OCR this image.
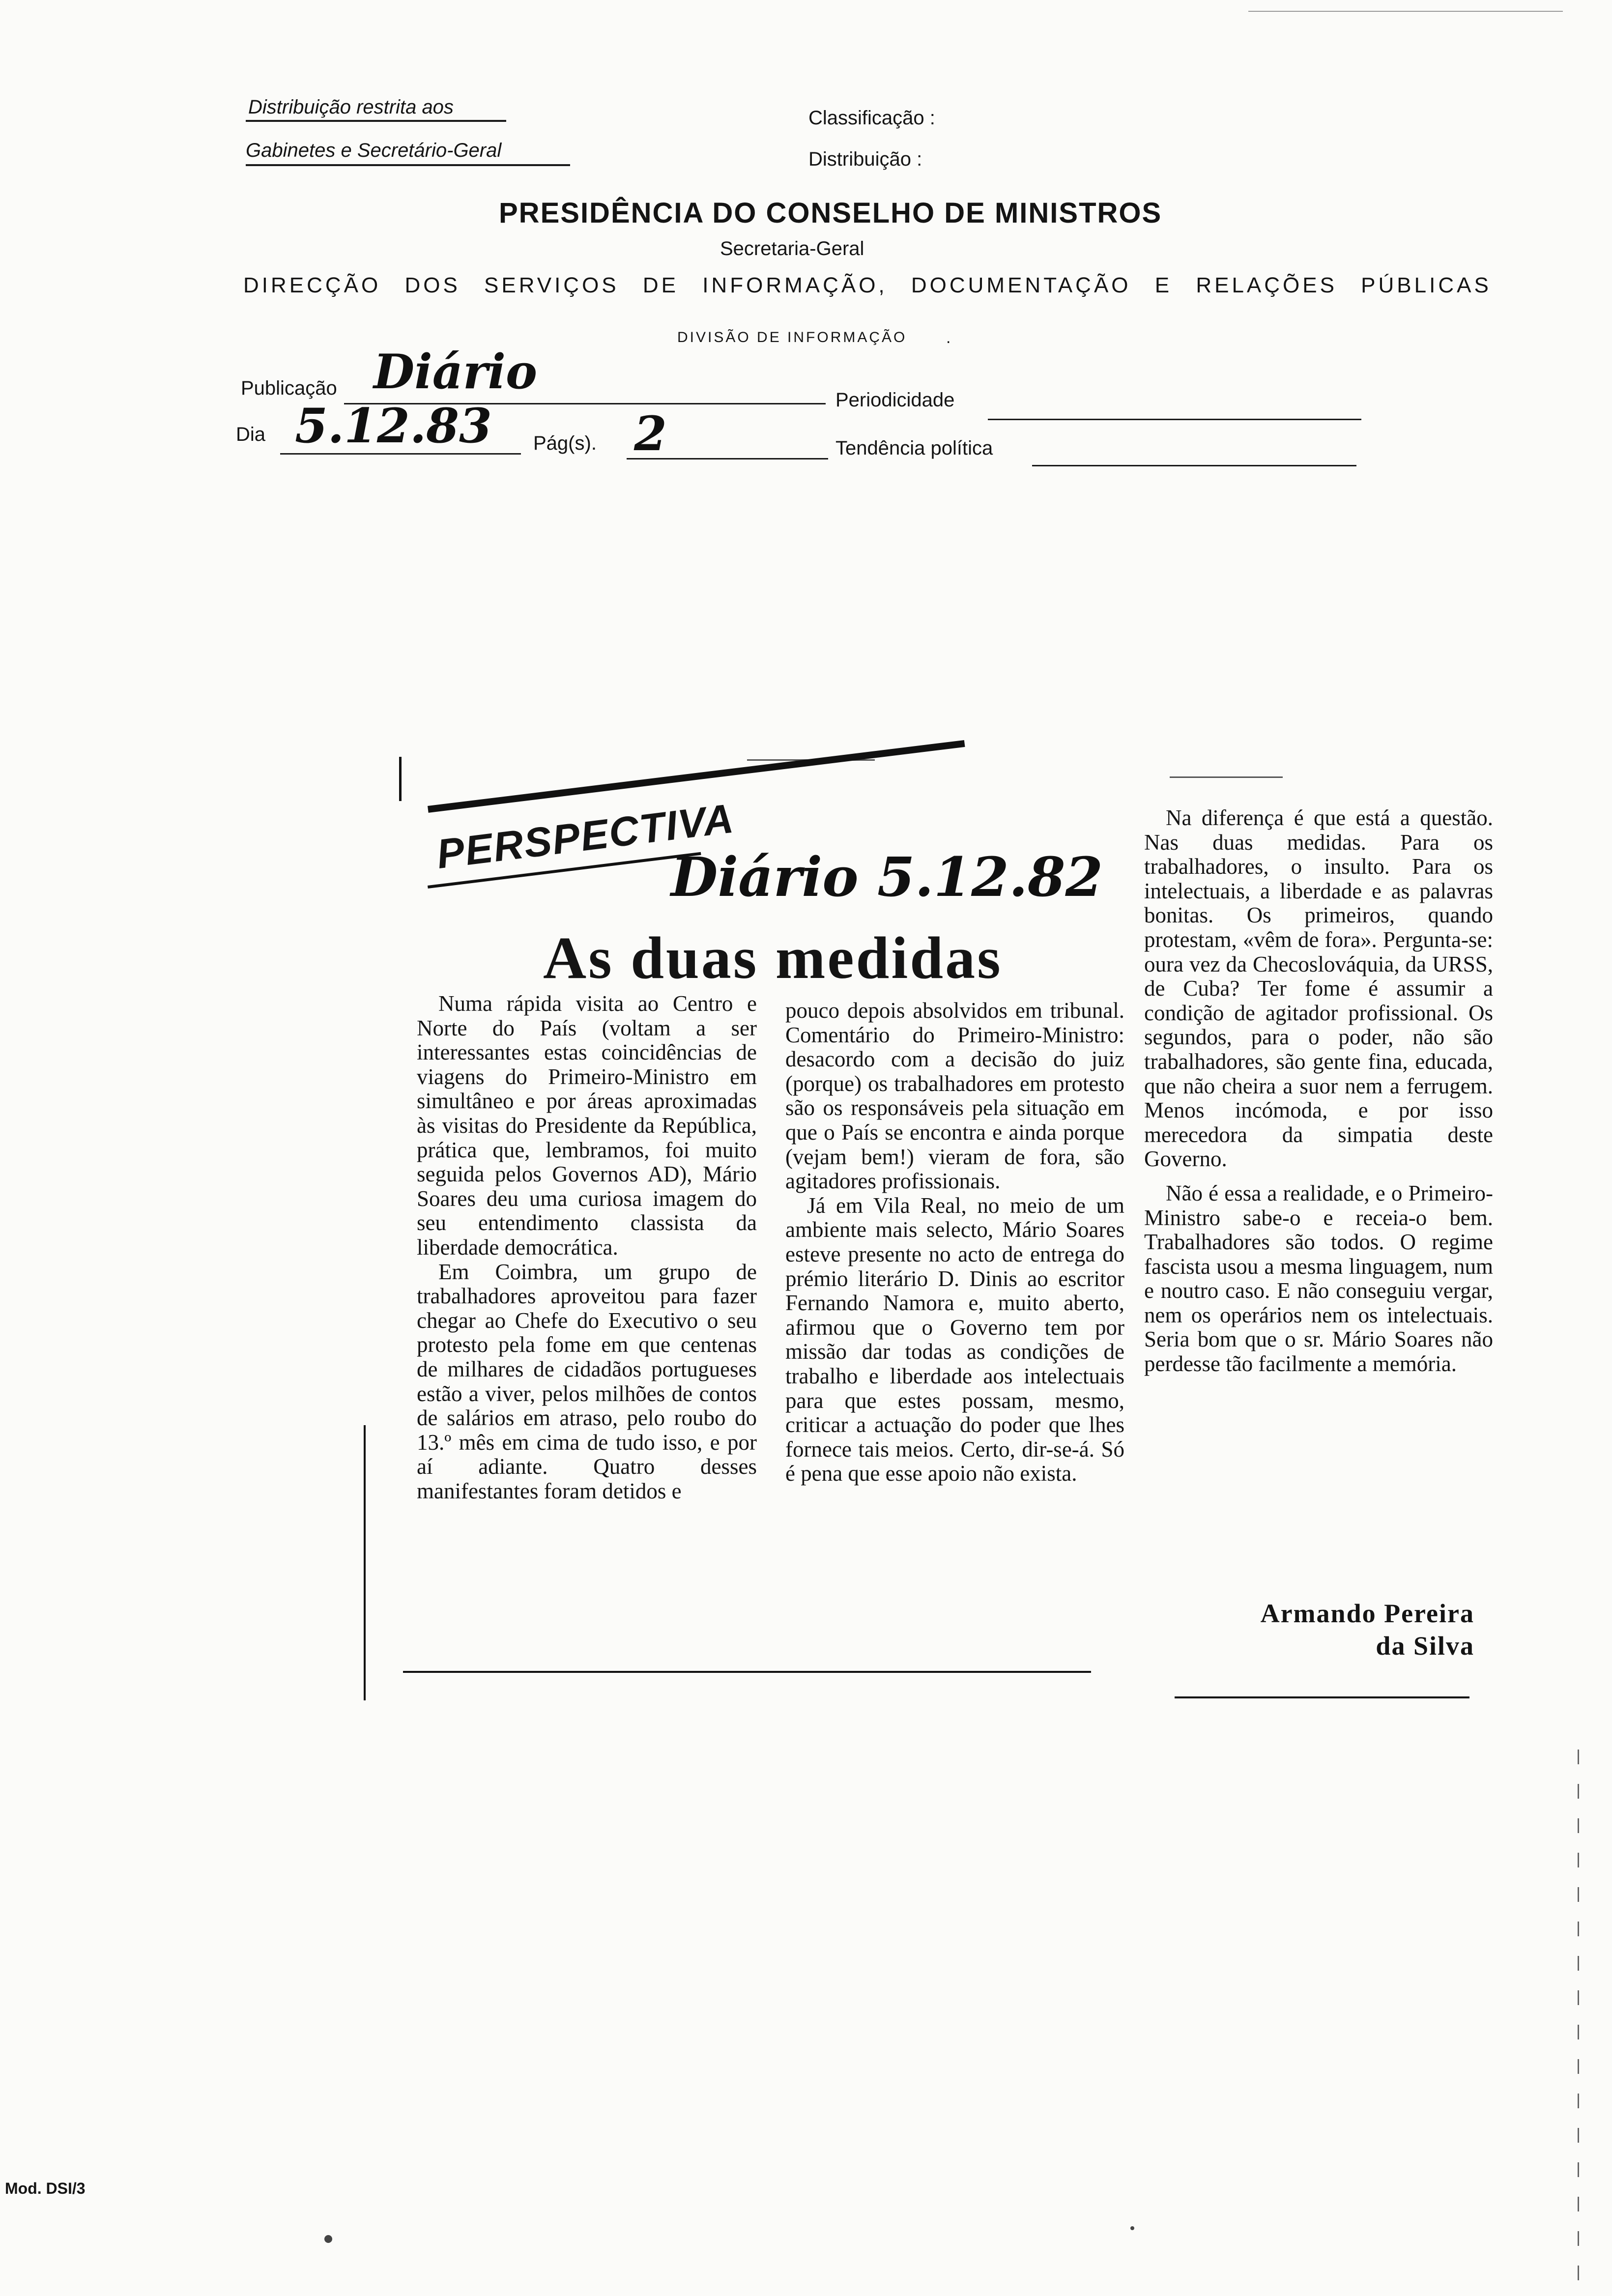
Distribuição restrita aos
Gabinetes e Secretário-Geral
Classificação :
Distribuição :
PRESIDÊNCIA DO CONSELHO DE MINISTROS
Secretaria-Geral
DIRECÇÃO DOS SERVIÇOS DE INFORMAÇÃO, DOCUMENTAÇÃO E RELAÇÕES PÚBLICAS
DIVISÃO DE INFORMAÇÃO .
Publicação Diário
Periodicidade
Dia 5.12.83 Pág(s). 2	Tendência política
PERSPECTIVA
Diário 5.12.82
As duas medidas

Numa rápida visita ao Centro e Norte do País (voltam a ser interessantes estas coincidências de viagens do Primeiro-Ministro em simultâneo e por áreas aproximadas às visitas do Presidente da República, prática que, lembramos, foi muito seguida pelos Governos AD), Mário Soares deu uma curiosa imagem do seu entendimento classista da liberdade democrática.

Em Coimbra, um grupo de trabalhadores aproveitou para fazer chegar ao Chefe do Executivo o seu protesto pela fome em que centenas de milhares de cidadãos portugueses estão a viver, pelos milhões de contos de salários em atraso, pelo roubo do 13.º mês em cima de tudo isso, e por aí adiante. Quatro desses manifestantes foram detidos e

pouco depois absolvidos em tribunal. Comentário do Primeiro-Ministro: desacordo com a decisão do juiz (porque) os trabalhadores em protesto são os responsáveis pela situação em que o País se encontra e ainda porque (vejam bem!) vieram de fora, são agitadores profissionais.

Já em Vila Real, no meio de um ambiente mais selecto, Mário Soares esteve presente no acto de entrega do prémio literário D. Dinis ao escritor Fernando Namora e, muito aberto, afirmou que o Governo tem por missão dar todas as condições de trabalho e liberdade aos intelectuais para que estes possam, mesmo, criticar a actuação do poder que lhes fornece tais meios. Certo, dir-se-á. Só é pena que esse apoio não exista.

Na diferença é que está a questão. Nas duas medidas. Para os trabalhadores, o insulto. Para os intelectuais, a liberdade e as palavras bonitas. Os primeiros, quando protestam, «vêm de fora». Pergunta-se: oura vez da Checoslováquia, da URSS, de Cuba? Ter fome é assumir a condição de agitador profissional. Os segundos, para o poder, não são trabalhadores, são gente fina, educada, que não cheira a suor nem a ferrugem. Menos incómoda, e por isso merecedora da simpatia deste Governo.

Não é essa a realidade, e o Primeiro-Ministro sabe-o e receia-o bem. Trabalhadores são todos. O regime fascista usou a mesma linguagem, num e noutro caso. E não conseguiu vergar, nem os operários nem os intelectuais. Seria bom que o sr. Mário Soares não perdesse tão facilmente a memória.

Armando Pereira
da Silva
Mod. DSI/3
